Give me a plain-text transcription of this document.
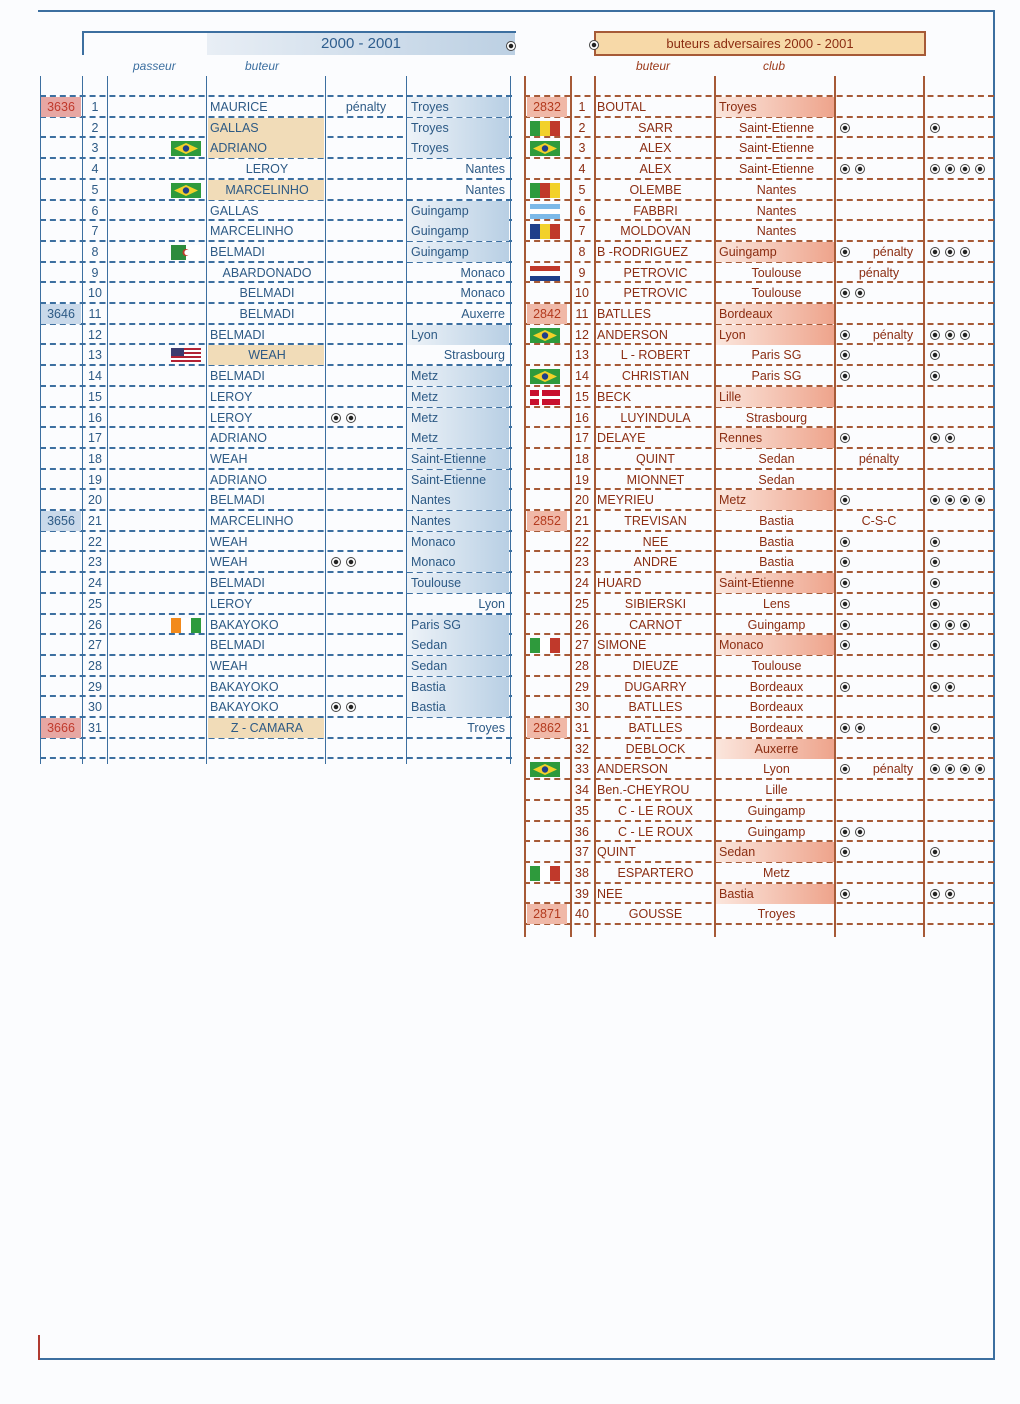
2000 - 2001	buteurs adversaires 2000 - 2001
passeur	buteur	buteur	club
3636	1	MAURICE	pénalty	Troyes
2	GALLAS	Troyes
3	ADRIANO	Troyes
4	LEROY	Nantes
5	MARCELINHO	Nantes
6	GALLAS	Guingamp
7	MARCELINHO	Guingamp
8	BELMADI	Guingamp
9	ABARDONADO	Monaco
10	BELMADI	Monaco
3646	11	BELMADI	Auxerre
12	BELMADI	Lyon
13	WEAH	Strasbourg
14	BELMADI	Metz
15	LEROY	Metz
16	LEROY	Metz
17	ADRIANO	Metz
18	WEAH	Saint-Etienne
19	ADRIANO	Saint-Etienne
20	BELMADI	Nantes
3656	21	MARCELINHO	Nantes
22	WEAH	Monaco
23	WEAH	Monaco
24	BELMADI	Toulouse
25	LEROY	Lyon
26	BAKAYOKO	Paris SG
27	BELMADI	Sedan
28	WEAH	Sedan
29	BAKAYOKO	Bastia
30	BAKAYOKO	Bastia
3666	31	Z - CAMARA	Troyes
2832	1 BOUTAL	Troyes
2	SARR	Saint-Etienne
3	ALEX	Saint-Etienne
4	ALEX	Saint-Etienne
5	OLEMBE	Nantes
6	FABBRI	Nantes
7	MOLDOVAN	Nantes
8 B -RODRIGUEZ	Guingamp	pénalty
9	PETROVIC	Toulouse	pénalty
10	PETROVIC	Toulouse
2842	11 BATLLES	Bordeaux
12 ANDERSON	Lyon	pénalty
13	L - ROBERT	Paris SG
14	CHRISTIAN	Paris SG
15 BECK	Lille
16	LUYINDULA	Strasbourg
17 DELAYE	Rennes
18	QUINT	Sedan	pénalty
19	MIONNET	Sedan
20 MEYRIEU	Metz
2852	21	TREVISAN	Bastia	C-S-C
22	NEE	Bastia
23	ANDRE	Bastia
24 HUARD	Saint-Etienne
25	SIBIERSKI	Lens
26	CARNOT	Guingamp
27 SIMONE	Monaco
28	DIEUZE	Toulouse
29	DUGARRY	Bordeaux
30	BATLLES	Bordeaux
2862	31	BATLLES	Bordeaux
32	DEBLOCK	Auxerre
33 ANDERSON	Lyon	pénalty
34 Ben.-CHEYROU	Lille
35	C - LE ROUX	Guingamp
36	C - LE ROUX	Guingamp
37 QUINT	Sedan
38	ESPARTERO	Metz
39 NEE	Bastia
2871	40	GOUSSE	Troyes
